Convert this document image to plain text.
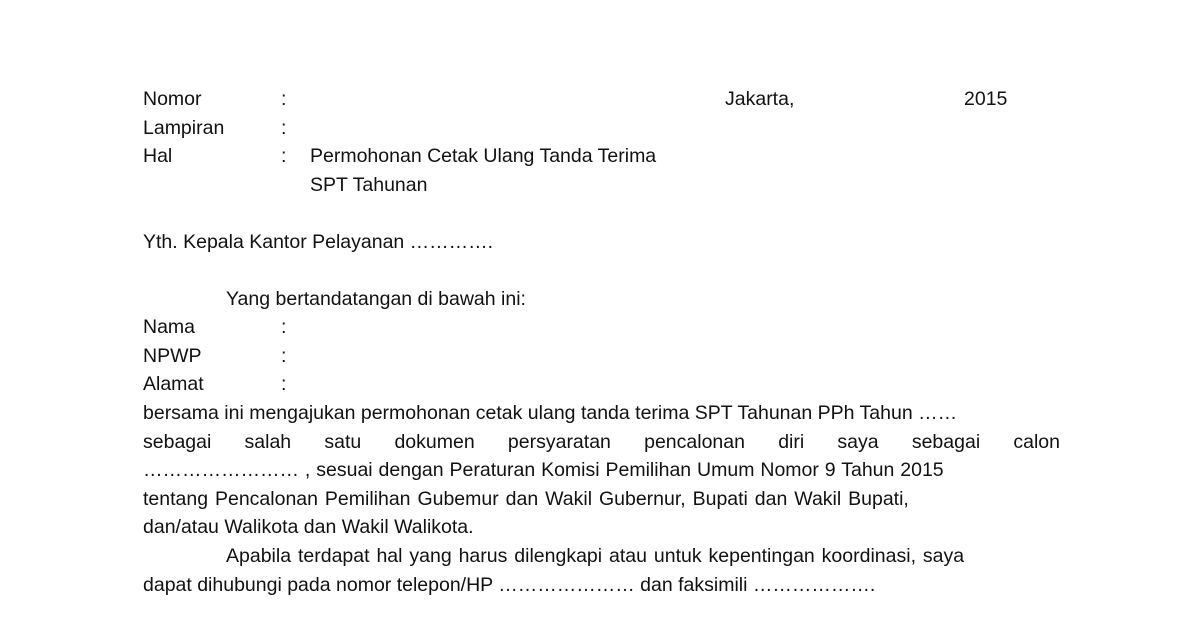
Nomor	:	Jakarta,	2015
Lampiran	:
Hal	: Permohonan Cetak Ulang Tanda Terima
SPT Tahunan
Yth. Kepala Kantor Pelayanan ………….
Yang bertandatangan di bawah ini:
Nama	:
NPWP	:
Alamat	:
bersama ini mengajukan permohonan cetak ulang tanda terima SPT Tahunan PPh Tahun ……
sebagai salah satu dokumen persyaratan pencalonan diri saya sebagai calon
…………………… , sesuai dengan Peraturan Komisi Pemilihan Umum Nomor 9 Tahun 2015
tentang Pencalonan Pemilihan Gubemur dan Wakil Gubernur, Bupati dan Wakil Bupati,
dan/atau Walikota dan Wakil Walikota.
Apabila terdapat hal yang harus dilengkapi atau untuk kepentingan koordinasi, saya
dapat dihubungi pada nomor telepon/HP ………………… dan faksimili ……………….
